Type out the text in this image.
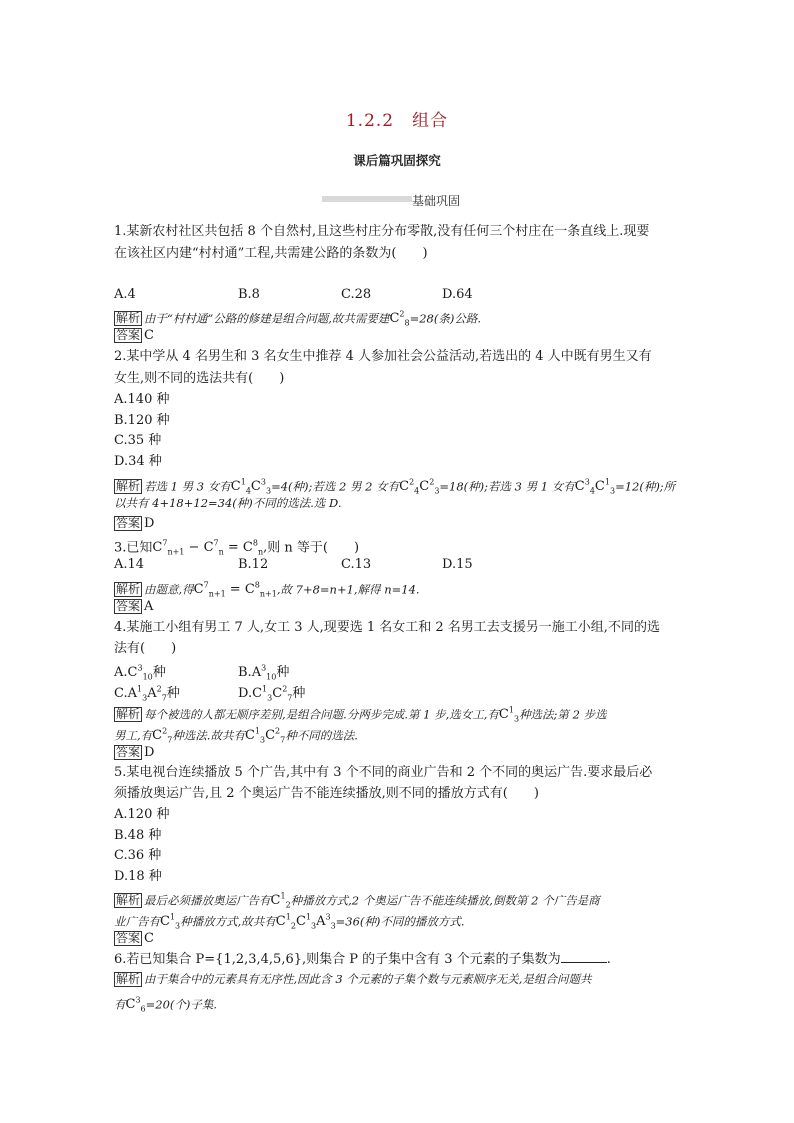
1.2.2　组合
课后篇巩固探究
基础巩固
1.某新农村社区共包括 8 个自然村,且这些村庄分布零散,没有任何三个村庄在一条直线上.现要
在该社区内建“村村通”工程,共需建公路的条数为(　　)
A.4	B.8	C.28	D.64
解析 由于“村村通”公路的修建是组合问题,故共需要建$C^2_8=28$(条)公路.
答案 C
2.某中学从 4 名男生和 3 名女生中推荐 4 人参加社会公益活动,若选出的 4 人中既有男生又有
女生,则不同的选法共有(　　)
A.140 种
B.120 种
C.35 种
D.34 种
解析 若选 1 男 3 女有$C^1_4C^3_3=4$(种);若选 2 男 2 女有$C^2_4C^2_3=18$(种);若选 3 男 1 女有$C^3_4C^1_3=12$(种);所
以共有 4+18+12=34(种)不同的选法.选 D.
答案 D
3.已知$C^7_{n+1} - C^7_n = C^8_n$,则 n 等于(　　)
A.14	B.12	C.13	D.15
解析 由题意,得$C^7_{n+1} = C^8_{n+1}$,故 7+8=n+1,解得 n=14.
答案 A
4.某施工小组有男工 7 人,女工 3 人,现要选 1 名女工和 2 名男工去支援另一施工小组,不同的选
法有(　　)
$A.C^3_{10}$种	$B.A^3_{10}$种
$C.A^1_3A^2_7$种	$D.C^1_3C^2_7$种
解析 每个被选的人都无顺序差别,是组合问题.分两步完成.第 1 步,选女工,有$C^1_3$种选法;第 2 步选
男工,有$C^2_7$种选法.故共有$C^1_3C^2_7$种不同的选法.
答案 D
5.某电视台连续播放 5 个广告,其中有 3 个不同的商业广告和 2 个不同的奥运广告.要求最后必
须播放奥运广告,且 2 个奥运广告不能连续播放,则不同的播放方式有(　　)
A.120 种
B.48 种
C.36 种
D.18 种
解析 最后必须播放奥运广告有$C^1_2$种播放方式,2 个奥运广告不能连续播放,倒数第 2 个广告是商
业广告有$C^1_3$种播放方式,故共有$C^1_2C^1_3A^3_3=36$(种)不同的播放方式.
答案 C
6.若已知集合 P={1,2,3,4,5,6},则集合 P 的子集中含有 3 个元素的子集数为	.
解析 由于集合中的元素具有无序性,因此含 3 个元素的子集个数与元素顺序无关,是组合问题共
有$C^3_6=20$(个)子集.
